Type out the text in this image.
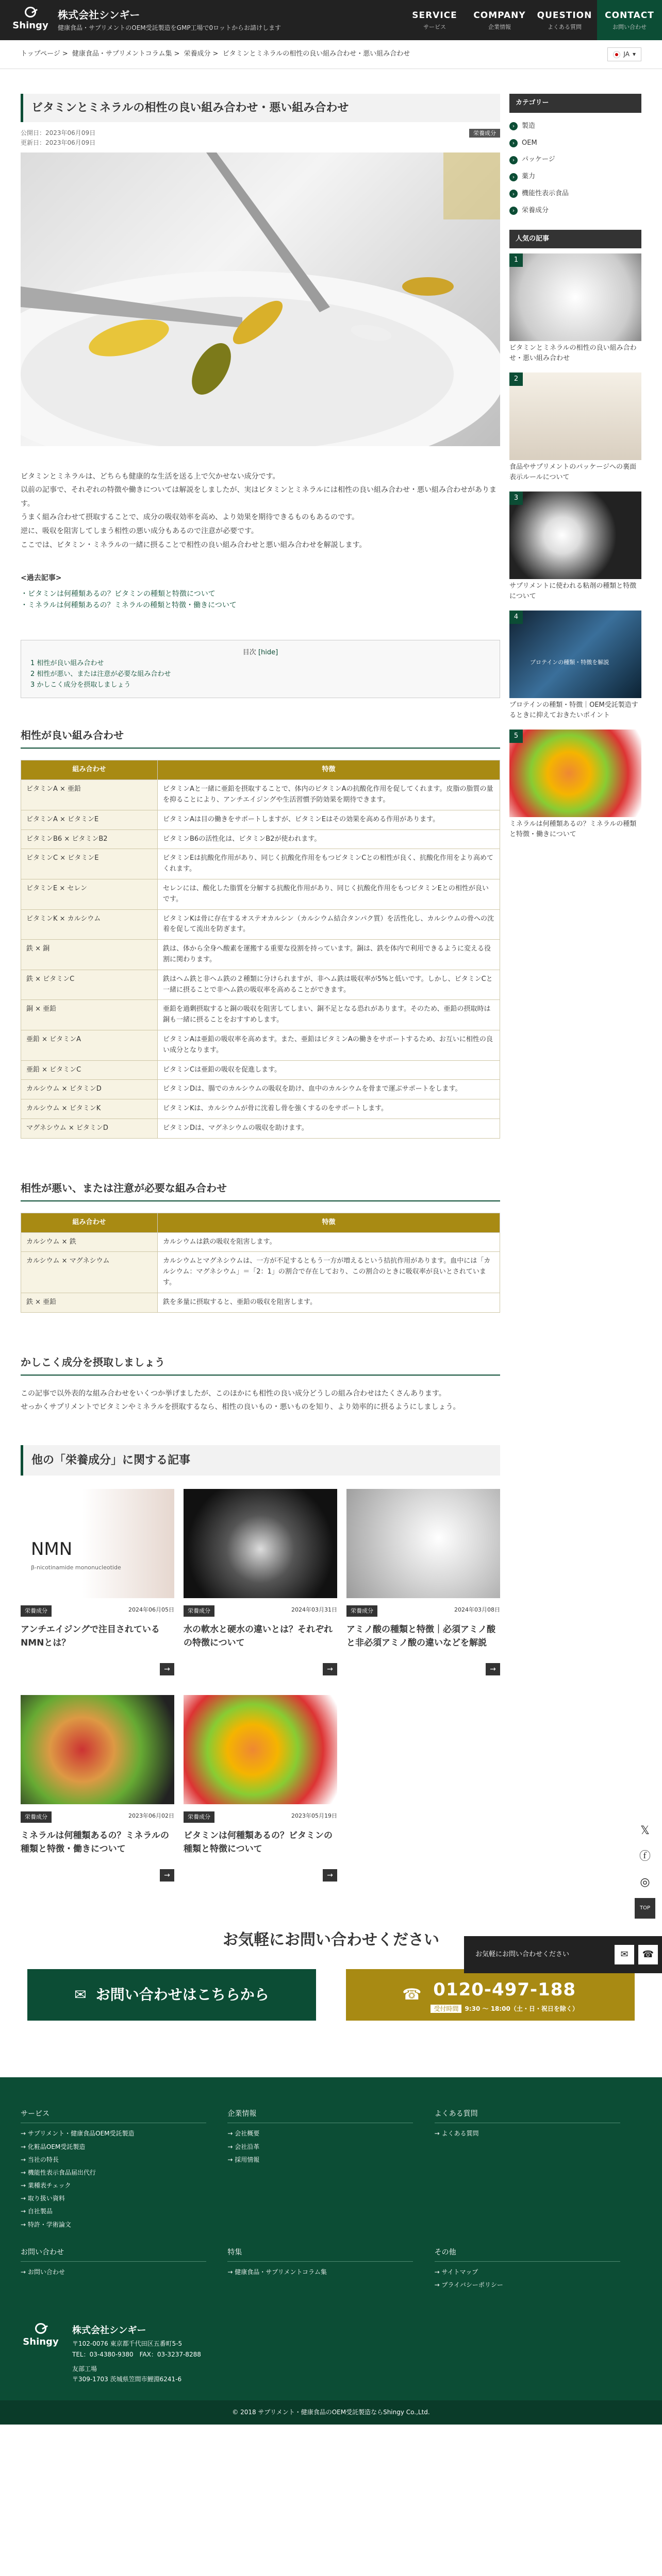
Shingy
株式会社シンギー
健康食品・サプリメントのOEM受託製造をGMP工場で0ロットからお請けします
SERVICE
サービス
COMPANY
企業情報
QUESTION
よくある質問
CONTACT
お問い合わせ
トップページ > 健康食品・サプリメントコラム集 > 栄養成分 > ビタミンとミネラルの相性の良い組み合わせ・悪い組み合わせ	JA ▾
ビタミンとミネラルの相性の良い組み合わせ・悪い組み合わせ
公開日：2023年06月09日
更新日：2023年06月09日
栄養成分

ビタミンとミネラルは、どちらも健康的な生活を送る上で欠かせない成分です。

以前の記事で、それぞれの特徴や働きについては解説をしましたが、実はビタミンとミネラルには相性の良い組み合わせ・悪い組み合わせがあります。

うまく組み合わせて摂取することで、成分の吸収効率を高め、より効果を期待できるものもあるのです。

逆に、吸収を阻害してしまう相性の悪い成分もあるので注意が必要です。

ここでは、ビタミン・ミネラルの一緒に摂ることで相性の良い組み合わせと悪い組み合わせを解説します。

<過去記事>
・ビタミンは何種類あるの？ビタミンの種類と特徴について
・ミネラルは何種類あるの？ミネラルの種類と特徴・働きについて
目次 [hide]
1 相性が良い組み合わせ
2 相性が悪い、または注意が必要な組み合わせ
3 かしこく成分を摂取しましょう
相性が良い組み合わせ
組み合わせ	特徴
ビタミンA × 亜鉛	ビタミンAと一緒に亜鉛を摂取することで、体内のビタミンAの抗酸化作用を促してくれます。皮脂の脂質の量を抑ることにより、アンチエイジングや生活習慣予防効果を期待できます。
ビタミンA × ビタミンE	ビタミンAは目の働きをサポートしますが、ビタミンEはその効果を高める作用があります。
ビタミンB6 × ビタミンB2	ビタミンB6の活性化は、ビタミンB2が使われます。
ビタミンC × ビタミンE	ビタミンEは抗酸化作用があり、同じく抗酸化作用をもつビタミンCとの相性が良く、抗酸化作用をより高めてくれます。
ビタミンE × セレン	セレンには、酸化した脂質を分解する抗酸化作用があり、同じく抗酸化作用をもつビタミンEとの相性が良いです。
ビタミンK × カルシウム	ビタミンKは骨に存在するオステオカルシン（カルシウム結合タンパク質）を活性化し、カルシウムの骨への沈着を促して流出を防ぎます。
鉄 × 銅	鉄は、体から全身へ酸素を運搬する重要な役割を持っています。銅は、鉄を体内で利用できるように変える役割に関わります。
鉄 × ビタミンC	鉄はヘム鉄と非ヘム鉄の２種類に分けられますが、非ヘム鉄は吸収率が5%と低いです。しかし、ビタミンCと一緒に摂ることで非ヘム鉄の吸収率を高めることができます。
銅 × 亜鉛	亜鉛を過剰摂取すると銅の吸収を阻害してしまい、銅不足となる恐れがあります。そのため、亜鉛の摂取時は銅も一緒に摂ることをおすすめします。
亜鉛 × ビタミンA	ビタミンAは亜鉛の吸収率を高めます。また、亜鉛はビタミンAの働きをサポートするため、お互いに相性の良い成分となります。
亜鉛 × ビタミンC	ビタミンCは亜鉛の吸収を促進します。
カルシウム × ビタミンD	ビタミンDは、腸でのカルシウムの吸収を助け、血中のカルシウムを骨まで運ぶサポートをします。
カルシウム × ビタミンK	ビタミンKは、カルシウムが骨に沈着し骨を強くするのをサポートします。
マグネシウム × ビタミンD	ビタミンDは、マグネシウムの吸収を助けます。
相性が悪い、または注意が必要な組み合わせ
組み合わせ	特徴
カルシウム × 鉄	カルシウムは鉄の吸収を阻害します。
カルシウム × マグネシウム	カルシウムとマグネシウムは、一方が不足するともう一方が増えるという拮抗作用があります。血中には「カルシウム：マグネシウム」＝「2：1」の割合で存在しており、この割合のときに吸収率が良いとされています。
鉄 × 亜鉛	鉄を多量に摂取すると、亜鉛の吸収を阻害します。
かしこく成分を摂取しましょう

この記事で以外表的な組み合わせをいくつか挙げましたが、このほかにも相性の良い成分どうしの組み合わせはたくさんあります。

せっかくサプリメントでビタミンやミネラルを摂取するなら、相性の良いもの・悪いものを知り、より効率的に摂るようにしましょう。

他の「栄養成分」に関する記事
NMN
β-nicotinamide mononucleotide
栄養成分	2024年06月05日
アンチエイジングで注目されているNMNとは？
→
栄養成分	2024年03月31日
水の軟水と硬水の違いとは？それぞれの特徴について
→
栄養成分	2024年03月08日
アミノ酸の種類と特徴｜必須アミノ酸と非必須アミノ酸の違いなどを解説
→
栄養成分	2023年06月02日
ミネラルは何種類あるの？ミネラルの種類と特徴・働きについて
→
栄養成分	2023年05月19日
ビタミンは何種類あるの？ビタミンの種類と特徴について
→
カテゴリー
›	製造
›	OEM
›	パッケージ
›	薬力
›	機能性表示食品
›	栄養成分
人気の記事
1
ビタミンとミネラルの相性の良い組み合わせ・悪い組み合わせ
2
食品やサプリメントのパッケージへの裏面表示ルールについて
3
サプリメントに使われる粘剤の種類と特徴について
プロテインの種類・特徴を解説
4
プロテインの種類・特徴｜OEM受託製造するときに抑えておきたいポイント
5
ミネラルは何種類あるの？ミネラルの種類と特徴・働きについて
お気軽にお問い合わせください
✉ お問い合わせはこちらから	☎ 0120-497-188
受付時間 9:30 ～ 18:00（土・日・祝日を除く）
𝕏
ⓕ
◎
TOP
お気軽にお問い合わせください	✉	☎
サービス
→ サプリメント・健康食品OEM受託製造
→ 化粧品OEM受託製造
→ 当社の特長
→ 機能性表示食品届出代行
→ 業種表チェック
→ 取り扱い資料
→ 自社製品
→ 特許・学術論文
企業情報
→ 会社概要
→ 会社沿革
→ 採用情報
よくある質問
→ よくある質問
お問い合わせ
→ お問い合わせ
特集
→ 健康食品・サプリメントコラム集
その他
→ サイトマップ
→ プライバシーポリシー
Shingy
株式会社シンギー
〒102-0076 東京都千代田区五番町5-5
TEL：03-4380-9380　FAX：03-3237-8288
友部工場
〒309-1703 茨城県笠間市鯉淵6241-6
© 2018 サプリメント・健康食品のOEM受託製造ならShingy Co.,Ltd.
